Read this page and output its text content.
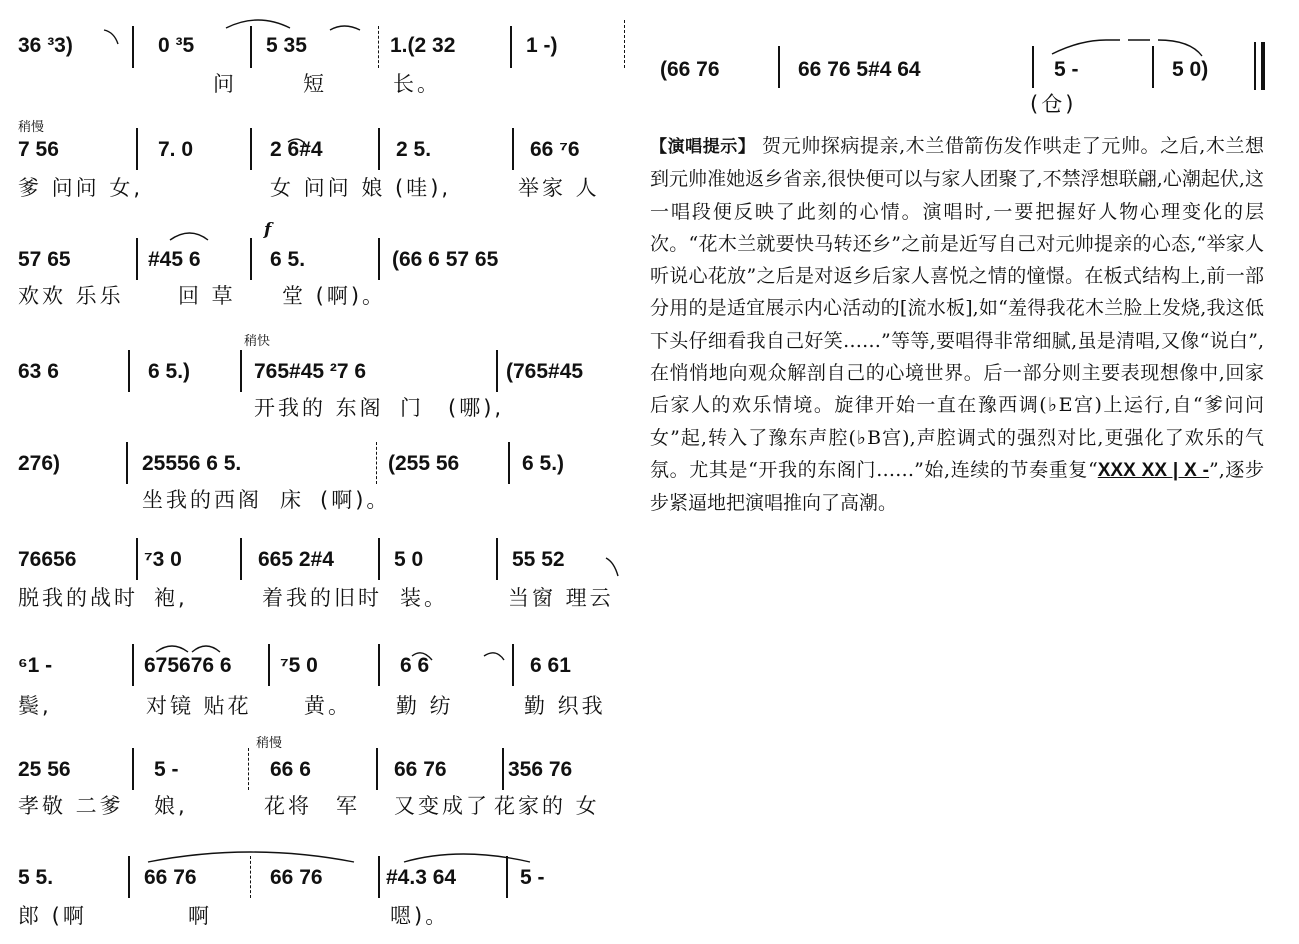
36 ³3)	0 ³5	5 35	1.(2 32	1 -)
问	短	长。
稍慢
7 56	7. 0	2 6#4	2 5.	66 ⁷6
爹 问问 女,	女 问问 娘 (哇),	举家 人
f
57 65	#45 6	6 5.	(66 6 57 65
欢欢 乐乐	回 草 堂 (啊)。
稍快
63 6	6 5.)	765#45 ²7 6	(765#45
开我的 东阁 门 (哪),
276)	25556 6 5.	(255 56	6 5.)
坐我的西阁 床 (啊)。
76656	⁷3 0	665 2#4	5 0	55 52
脱我的战时 袍,	着我的旧时 装。	当窗 理云
⁶1 -	675676 6 ⁷5 0	6 6	6 61
鬓,	对镜 贴花 黄。 勤 纺	勤 织我
稍慢
25 56	5 -	66 6	66 76	356 76
孝敬 二爹 娘,	花将 军 又变成了 花家的 女
5 5.	66 76	66 76	#4.3 64	5 -
郎 (啊	啊	嗯)。
(66 76	66 76 5#4 64	5 -	5 0)
(仓)
【演唱提示】 贺元帅探病提亲,木兰借箭伤发作哄走了元帅。之后,木兰想到元帅准她返乡省亲,很快便可以与家人团聚了,不禁浮想联翩,心潮起伏,这一唱段便反映了此刻的心情。演唱时,一要把握好人物心理变化的层次。“花木兰就要快马转还乡”之前是近写自己对元帅提亲的心态,“举家人听说心花放”之后是对返乡后家人喜悦之情的憧憬。在板式结构上,前一部分用的是适宜展示内心活动的[流水板],如“羞得我花木兰脸上发烧,我这低下头仔细看我自己好笑……”等等,要唱得非常细腻,虽是清唱,又像“说白”,在悄悄地向观众解剖自己的心境世界。后一部分则主要表现想像中,回家后家人的欢乐情境。旋律开始一直在豫西调(♭E宫)上运行,自“爹问问女”起,转入了豫东声腔(♭B宫),声腔调式的强烈对比,更强化了欢乐的气氛。尤其是“开我的东阁门……”始,连续的节奏重复“XXX XX | X -”,逐步步紧逼地把演唱推向了高潮。
